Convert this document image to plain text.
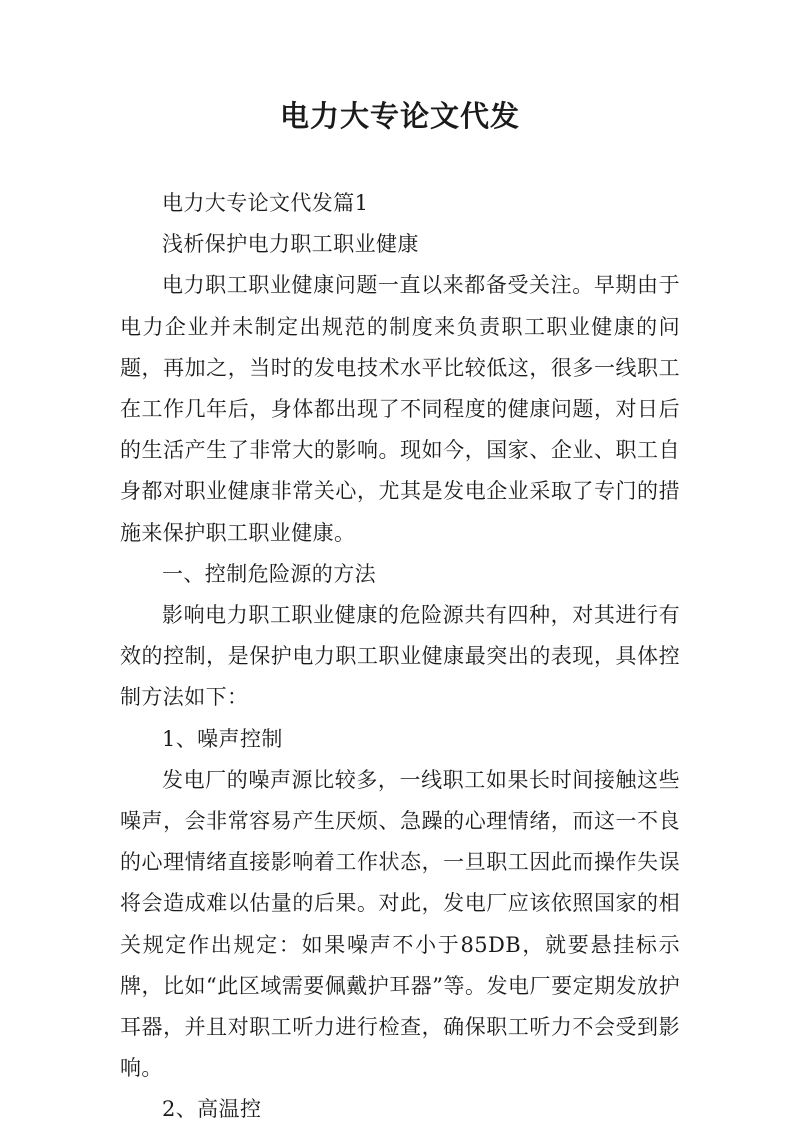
电力大专论文代发

电力大专论文代发篇1

浅析保护电力职工职业健康

电力职工职业健康问题一直以来都备受关注。早期由于电力企业并未制定出规范的制度来负责职工职业健康的问题，再加之，当时的发电技术水平比较低这，很多一线职工在工作几年后，身体都出现了不同程度的健康问题，对日后的生活产生了非常大的影响。现如今，国家、企业、职工自身都对职业健康非常关心，尤其是发电企业采取了专门的措施来保护职工职业健康。

一、控制危险源的方法

影响电力职工职业健康的危险源共有四种，对其进行有效的控制，是保护电力职工职业健康最突出的表现，具体控制方法如下：

1、噪声控制

发电厂的噪声源比较多，一线职工如果长时间接触这些噪声，会非常容易产生厌烦、急躁的心理情绪，而这一不良的心理情绪直接影响着工作状态，一旦职工因此而操作失误将会造成难以估量的后果。对此，发电厂应该依照国家的相关规定作出规定：如果噪声不小于85DB，就要悬挂标示牌，比如“此区域需要佩戴护耳器”等。发电厂要定期发放护耳器，并且对职工听力进行检查，确保职工听力不会受到影响。

2、高温控
